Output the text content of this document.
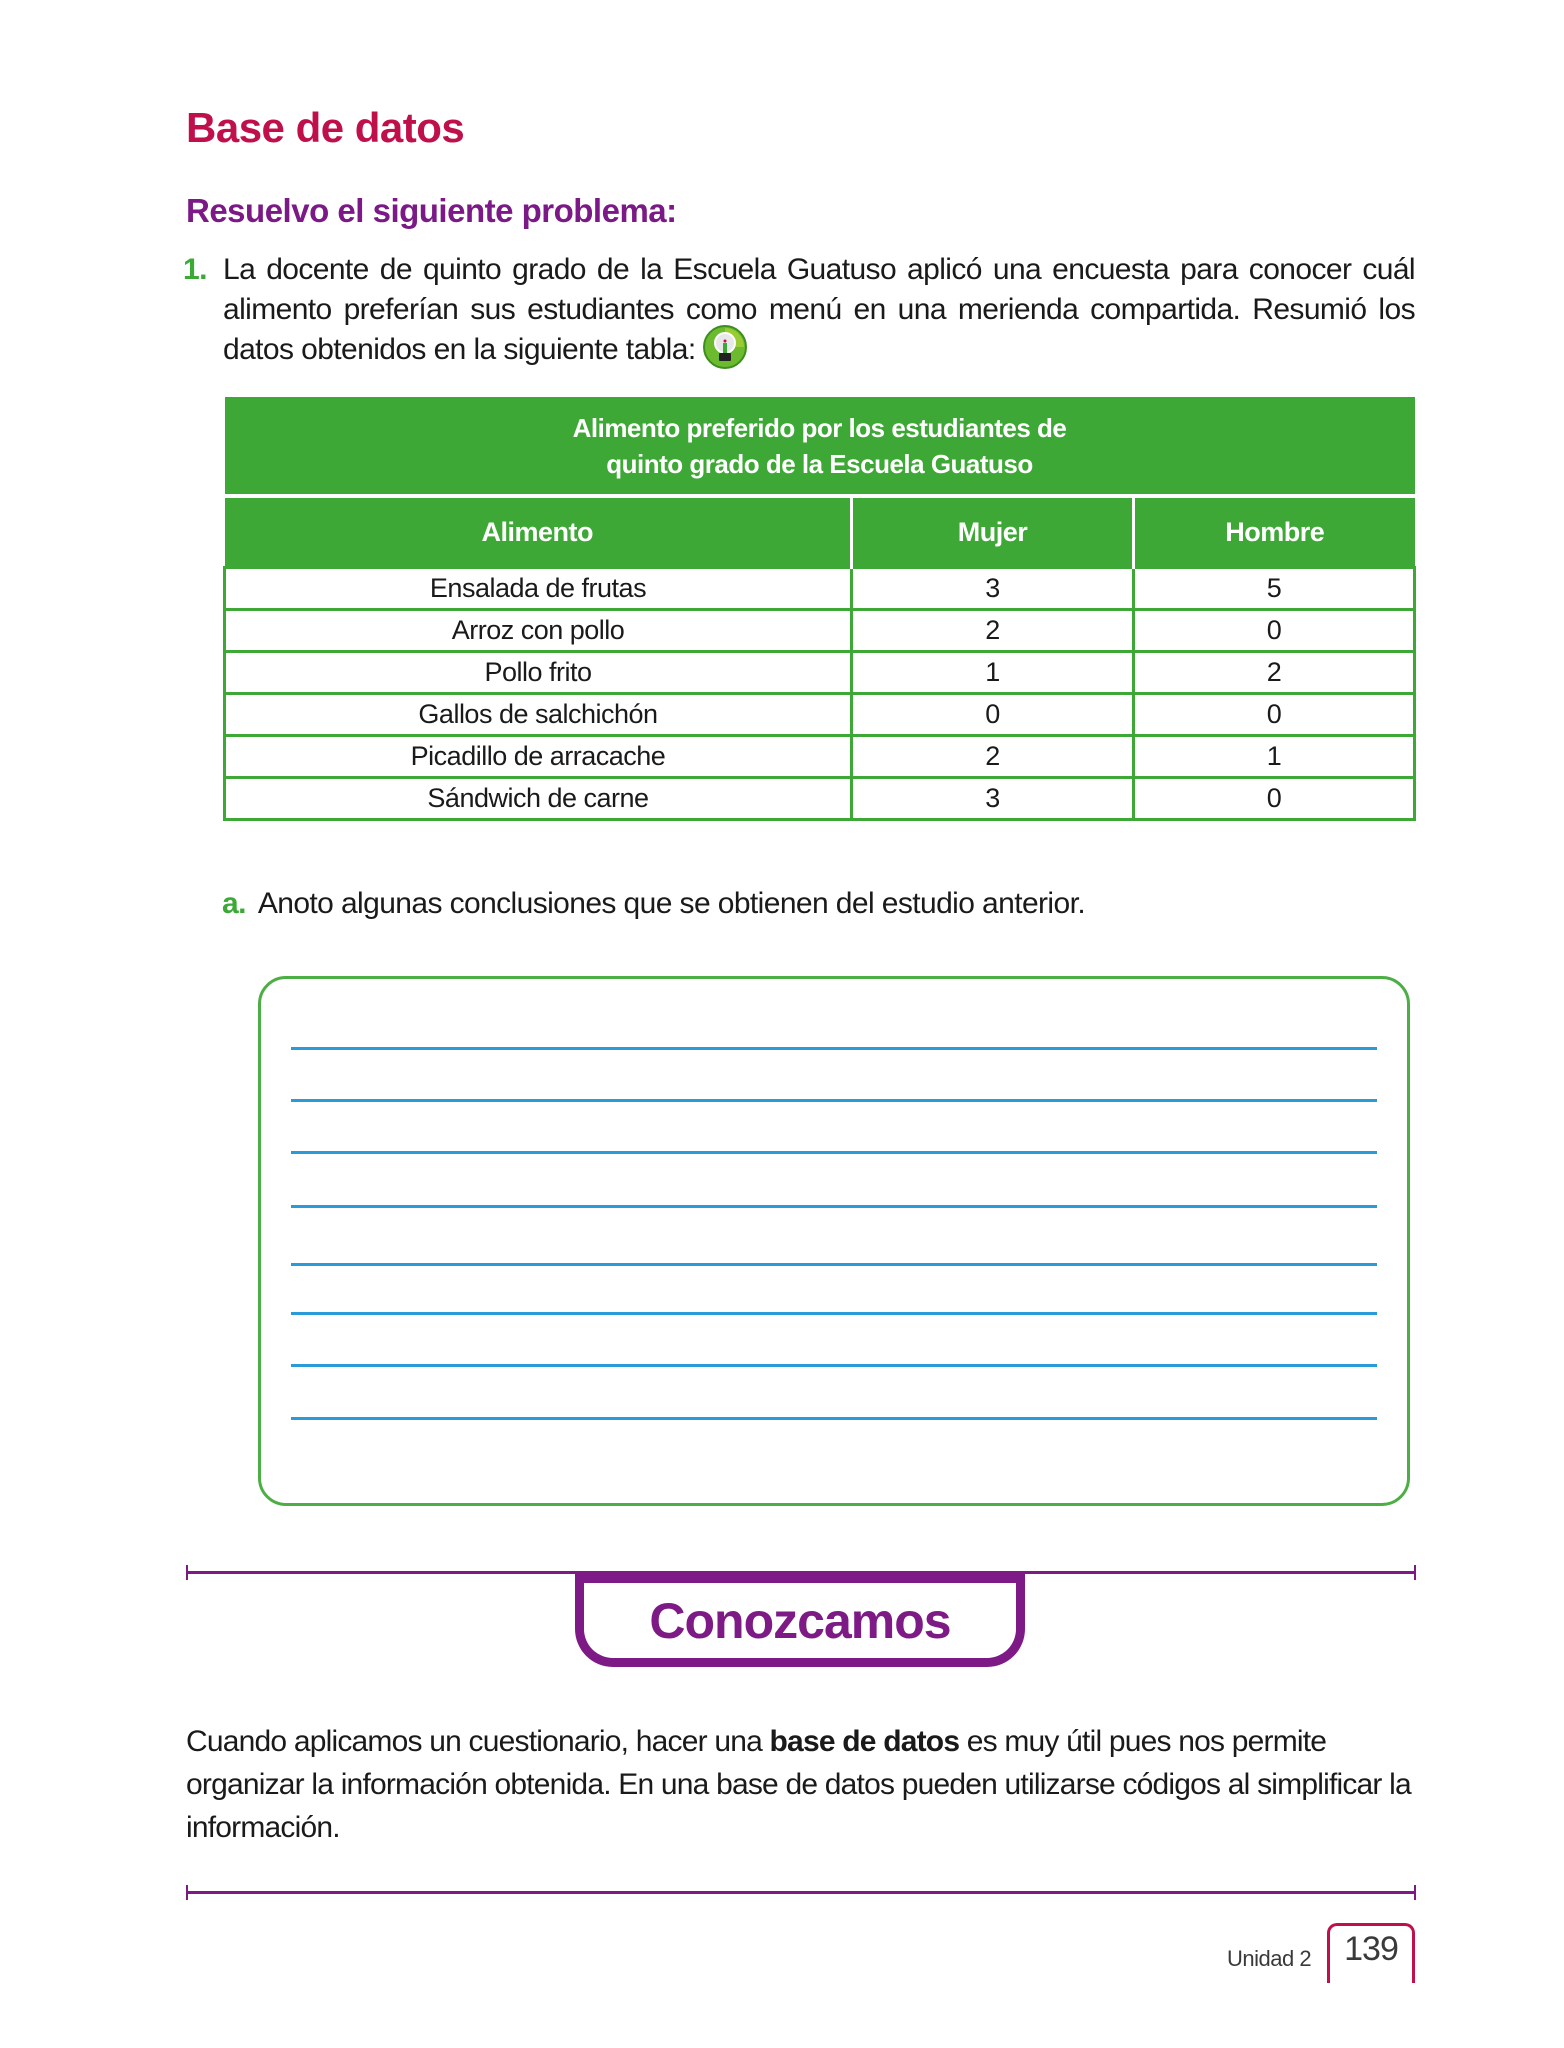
Base de datos
Resuelvo el siguiente problema:
1. La docente de quinto grado de la Escuela Guatuso aplicó una encuesta para conocer cuál alimento preferían sus estudiantes como menú en una merienda compartida. Resumió los datos obtenidos en la siguiente tabla:
Alimento preferido por los estudiantes de
quinto grado de la Escuela Guatuso		

Alimento	Mujer	Hombre
Ensalada de frutas	3	5
Arroz con pollo	2	0
Pollo frito	1	2
Gallos de salchichón	0	0
Picadillo de arracache	2	1
Sándwich de carne	3	0
a. Anoto algunas conclusiones que se obtienen del estudio anterior.
Conozcamos

Cuando aplicamos un cuestionario, hacer una base de datos es muy útil pues nos permite organizar la información obtenida. En una base de datos pueden utilizarse códigos al simplificar la información.

Unidad 2 139
